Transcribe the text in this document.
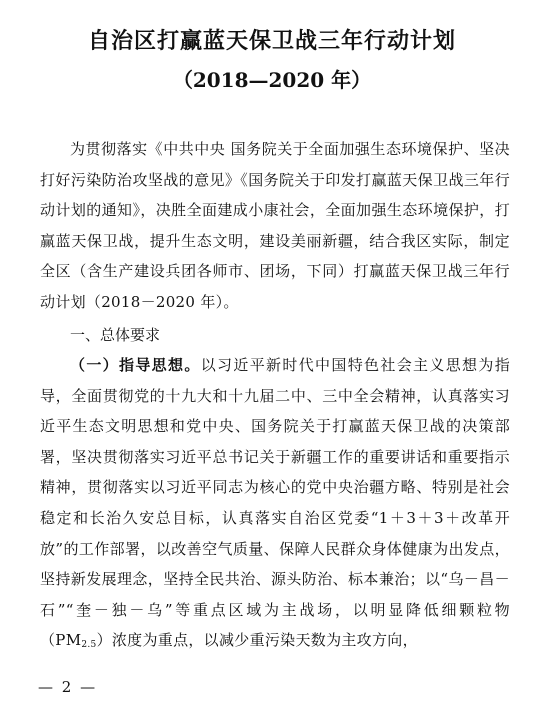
自治区打赢蓝天保卫战三年行动计划
（2018—2020 年）

为贯彻落实《中共中央 国务院关于全面加强生态环境保护、坚决打好污染防治攻坚战的意见》《国务院关于印发打赢蓝天保卫战三年行动计划的通知》，决胜全面建成小康社会，全面加强生态环境保护，打赢蓝天保卫战，提升生态文明，建设美丽新疆，结合我区实际，制定全区（含生产建设兵团各师市、团场，下同）打赢蓝天保卫战三年行动计划（2018－2020 年）。

一、总体要求

（一）指导思想。以习近平新时代中国特色社会主义思想为指导，全面贯彻党的十九大和十九届二中、三中全会精神，认真落实习近平生态文明思想和党中央、国务院关于打赢蓝天保卫战的决策部署，坚决贯彻落实习近平总书记关于新疆工作的重要讲话和重要指示精神，贯彻落实以习近平同志为核心的党中央治疆方略、特别是社会稳定和长治久安总目标，认真落实自治区党委“1＋3＋3＋改革开放”的工作部署，以改善空气质量、保障人民群众身体健康为出发点，坚持新发展理念，坚持全民共治、源头防治、标本兼治；以“乌－昌－石”“奎－独－乌”等重点区域为主战场，以明显降低细颗粒物$(PM_{2.5})$浓度为重点，以减少重污染天数为主攻方向，

— 2 —
